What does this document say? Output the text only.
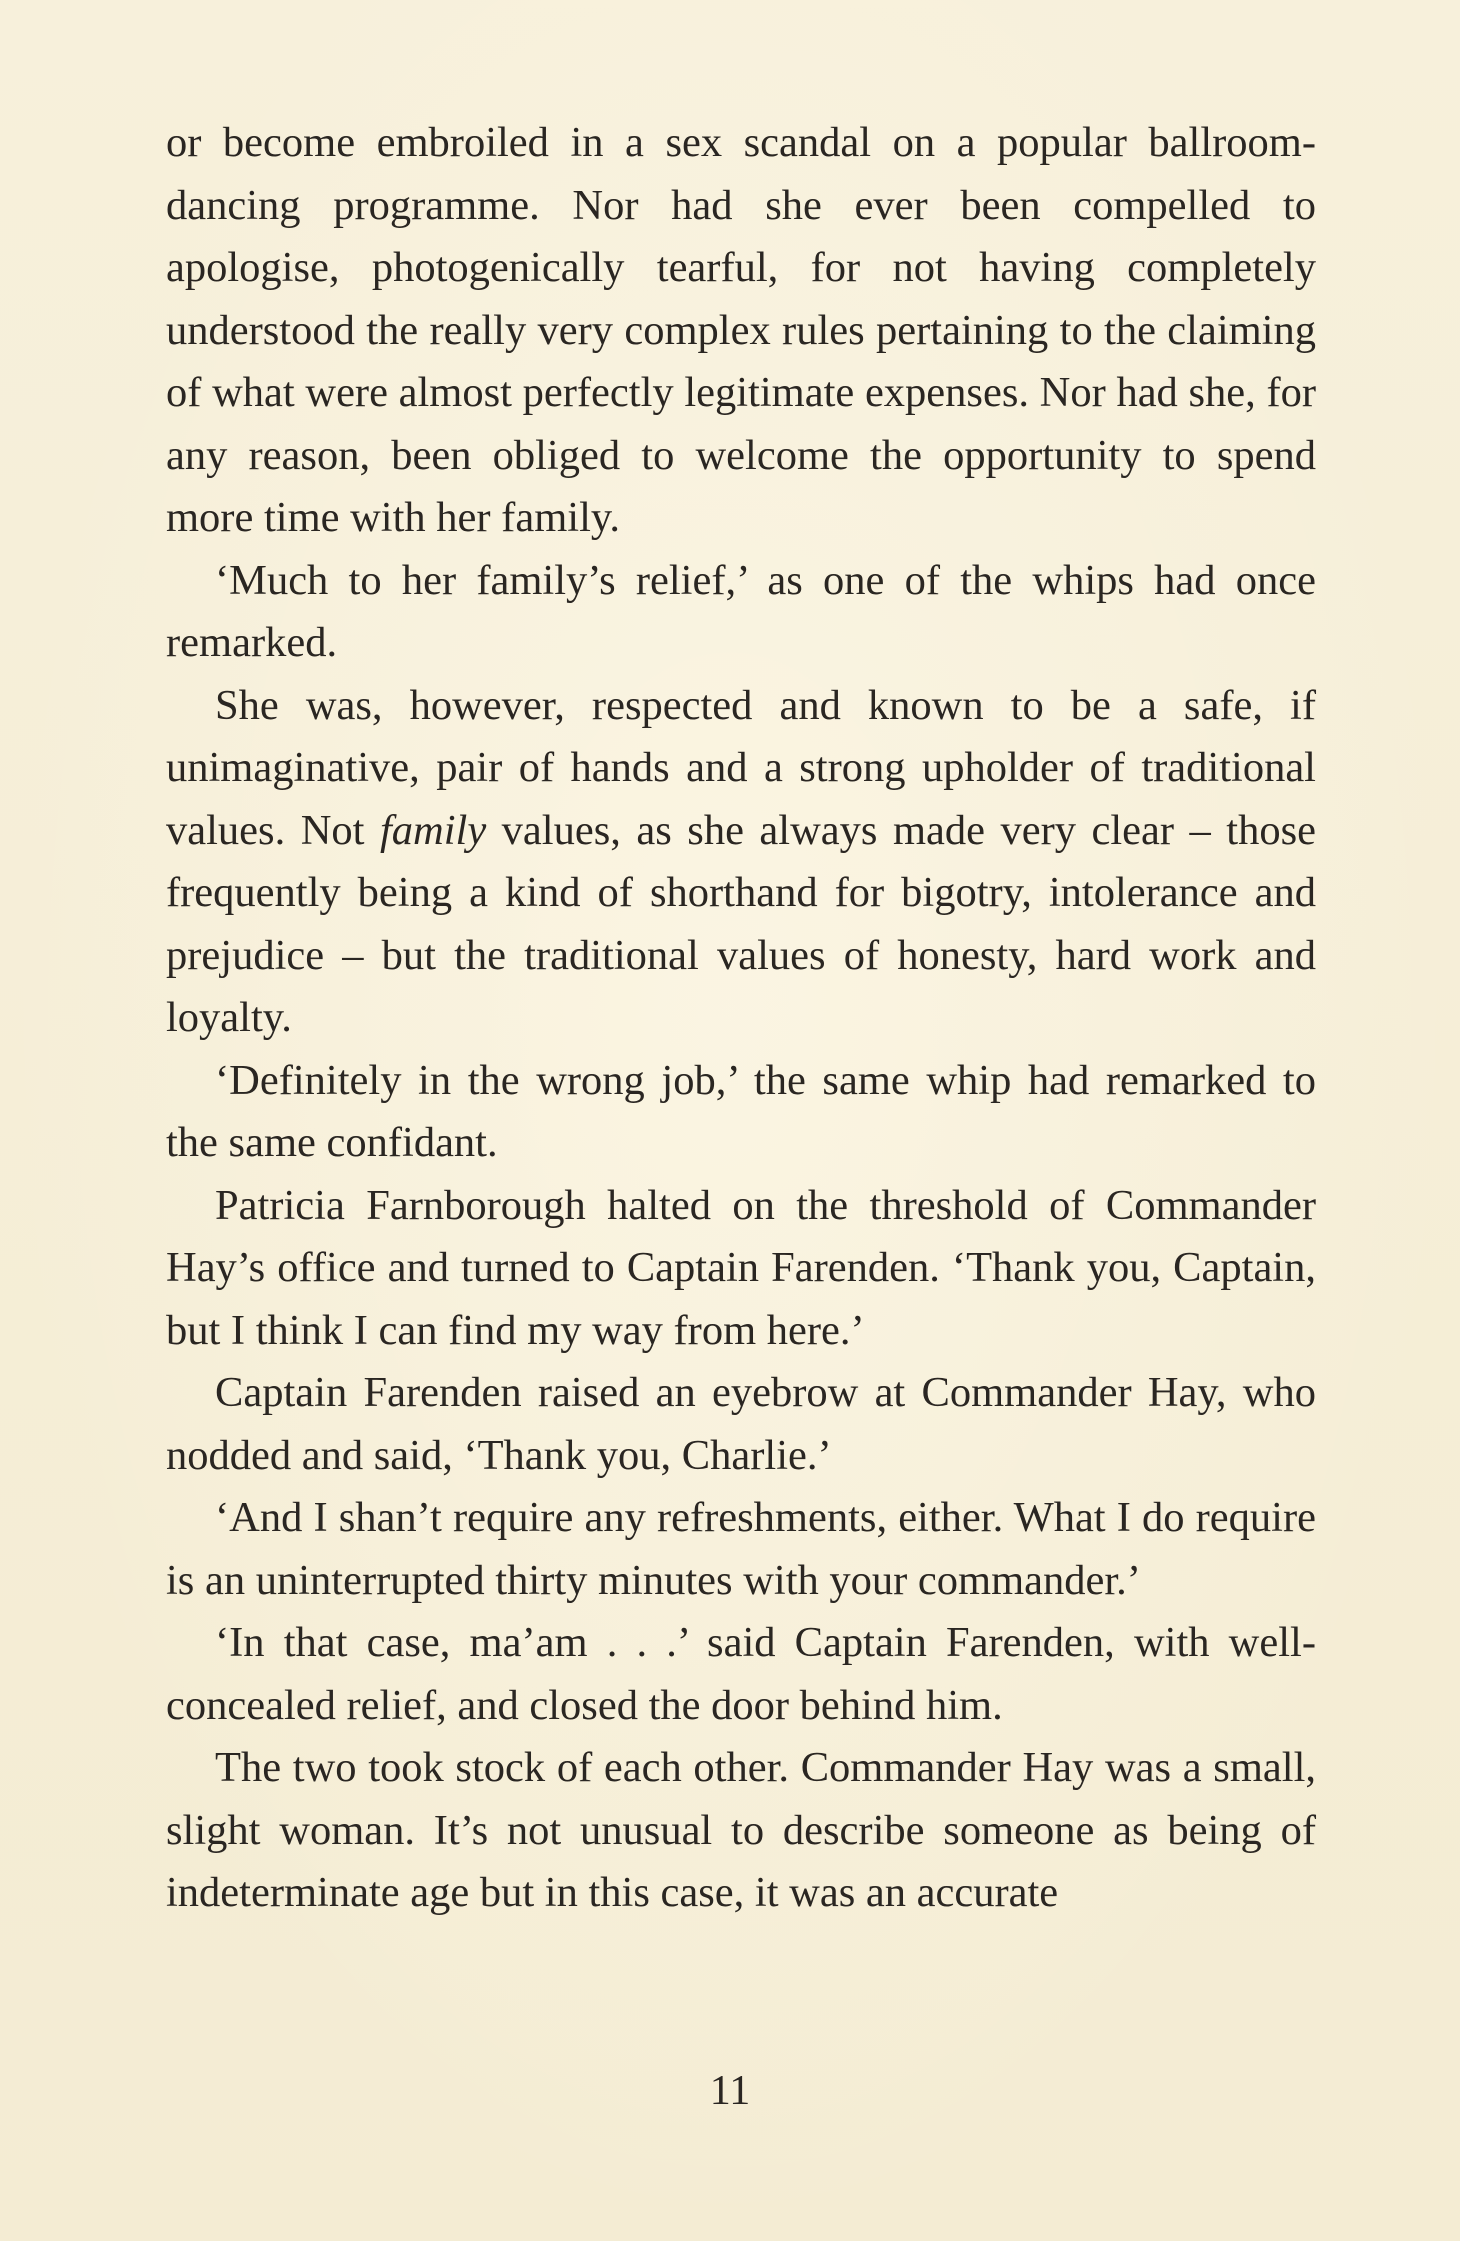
or become embroiled in a sex scandal on a popular ballroom-dancing programme. Nor had she ever been compelled to apologise, photogenically tearful, for not having completely understood the really very complex rules pertaining to the claiming of what were almost perfectly legitimate expenses. Nor had she, for any reason, been obliged to welcome the opportunity to spend more time with her family.

‘Much to her family’s relief,’ as one of the whips had once remarked.

She was, however, respected and known to be a safe, if unimaginative, pair of hands and a strong upholder of traditional values. Not family values, as she always made very clear – those frequently being a kind of shorthand for bigotry, intolerance and prejudice – but the traditional values of honesty, hard work and loyalty.

‘Definitely in the wrong job,’ the same whip had remarked to the same confidant.

Patricia Farnborough halted on the threshold of Commander Hay’s office and turned to Captain Farenden. ‘Thank you, Captain, but I think I can find my way from here.’

Captain Farenden raised an eyebrow at Commander Hay, who nodded and said, ‘Thank you, Charlie.’

‘And I shan’t require any refreshments, either. What I do require is an uninterrupted thirty minutes with your commander.’

‘In that case, ma’am . . .’ said Captain Farenden, with well-concealed relief, and closed the door behind him.

The two took stock of each other. Commander Hay was a small, slight woman. It’s not unusual to describe someone as being of indeterminate age but in this case, it was an accurate

11
